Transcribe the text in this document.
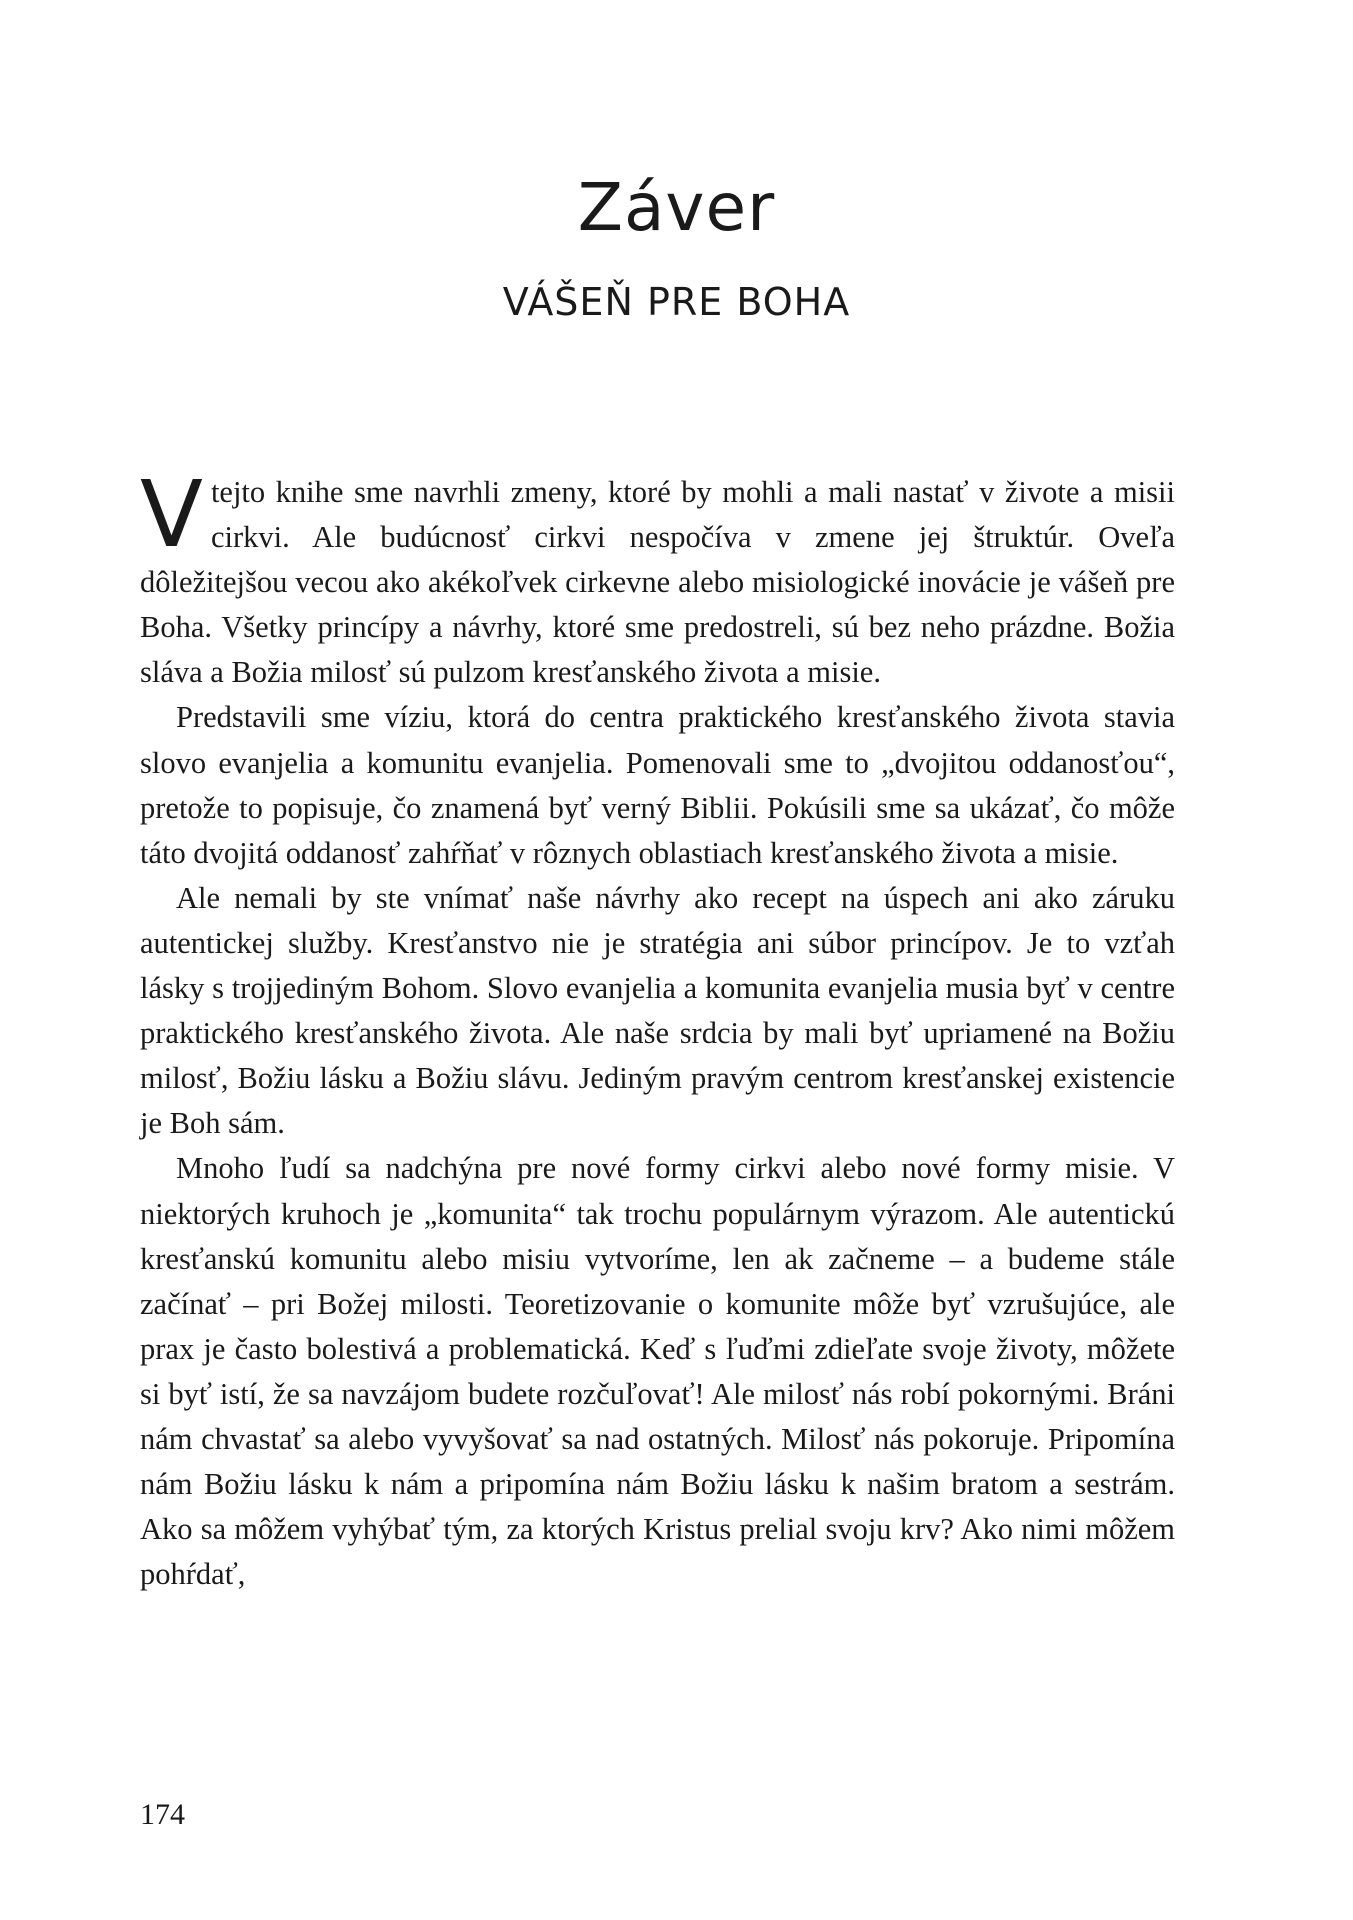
Záver
VÁŠEŇ PRE BOHA

Vtejto knihe sme navrhli zmeny, ktoré by mohli a mali nastať v živote a misii cirkvi. Ale budúcnosť cirkvi nespočíva v zmene jej štruktúr. Oveľa dôležitejšou vecou ako akékoľvek cirkevne alebo misiologické inovácie je vášeň pre Boha. Všetky princípy a návrhy, ktoré sme predostreli, sú bez neho prázdne. Božia sláva a Božia milosť sú pulzom kresťanského života a misie.

Predstavili sme víziu, ktorá do centra praktického kresťanského života stavia slovo evanjelia a komunitu evanjelia. Pomenovali sme to „dvojitou oddanosťou“, pretože to popisuje, čo znamená byť verný Biblii. Pokúsili sme sa ukázať, čo môže táto dvojitá oddanosť zahŕňať v rôznych oblastiach kresťanského života a misie.

Ale nemali by ste vnímať naše návrhy ako recept na úspech ani ako záruku autentickej služby. Kresťanstvo nie je stratégia ani súbor princípov. Je to vzťah lásky s trojjediným Bohom. Slovo evanjelia a komunita evanjelia musia byť v centre praktického kresťanského života. Ale naše srdcia by mali byť upriamené na Božiu milosť, Božiu lásku a Božiu slávu. Jediným pravým centrom kresťanskej existencie je Boh sám.

Mnoho ľudí sa nadchýna pre nové formy cirkvi alebo nové formy misie. V niektorých kruhoch je „komunita“ tak trochu populárnym výrazom. Ale autentickú kresťanskú komunitu alebo misiu vytvoríme, len ak začneme – a budeme stále začínať – pri Božej milosti. Teoretizovanie o komunite môže byť vzrušujúce, ale prax je často bolestivá a problematická. Keď s ľuďmi zdieľate svoje životy, môžete si byť istí, že sa navzájom budete rozčuľovať! Ale milosť nás robí pokornými. Bráni nám chvastať sa alebo vyvyšovať sa nad ostatných. Milosť nás pokoruje. Pripomína nám Božiu lásku k nám a pripomína nám Božiu lásku k našim bratom a sestrám. Ako sa môžem vyhýbať tým, za ktorých Kristus prelial svoju krv? Ako nimi môžem pohŕdať,

174
